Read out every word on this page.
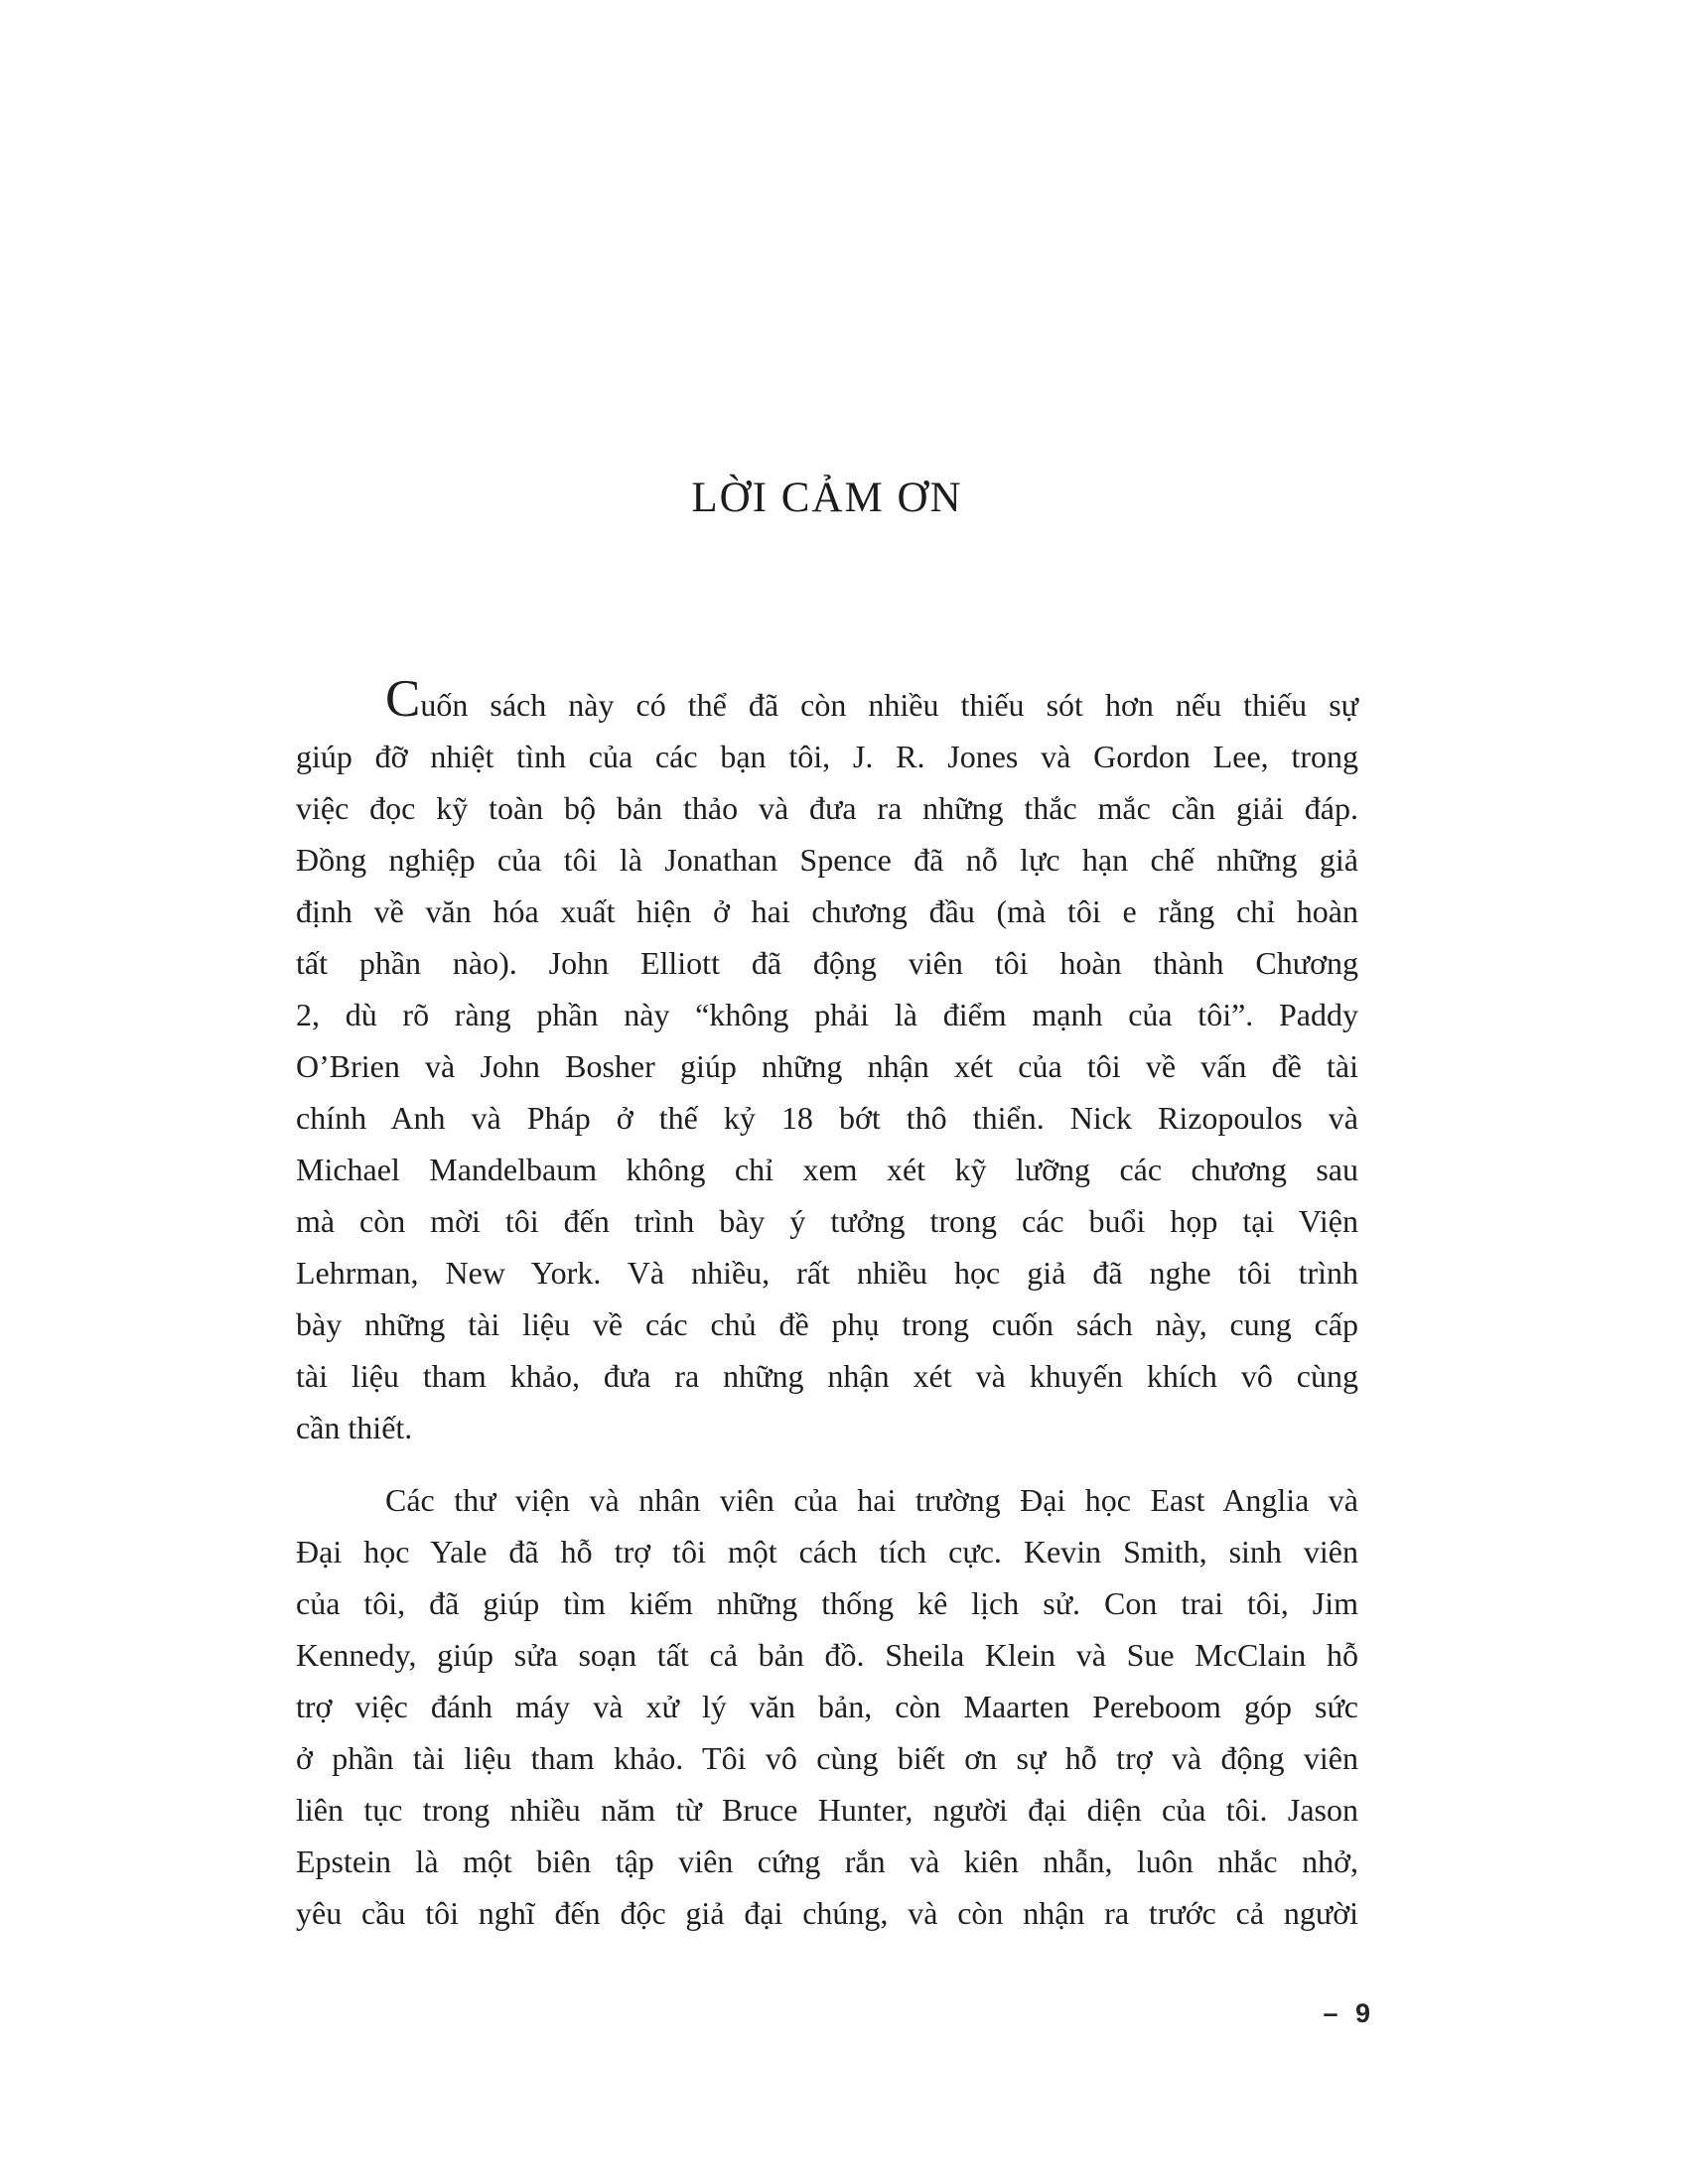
LỜI CẢM ƠN
Cuốn sách này có thể đã còn nhiều thiếu sót hơn nếu thiếu sự
giúp đỡ nhiệt tình của các bạn tôi, J. R. Jones và Gordon Lee, trong
việc đọc kỹ toàn bộ bản thảo và đưa ra những thắc mắc cần giải đáp.
Đồng nghiệp của tôi là Jonathan Spence đã nỗ lực hạn chế những giả
định về văn hóa xuất hiện ở hai chương đầu (mà tôi e rằng chỉ hoàn
tất phần nào). John Elliott đã động viên tôi hoàn thành Chương
2, dù rõ ràng phần này “không phải là điểm mạnh của tôi”. Paddy
O’Brien và John Bosher giúp những nhận xét của tôi về vấn đề tài
chính Anh và Pháp ở thế kỷ 18 bớt thô thiển. Nick Rizopoulos và
Michael Mandelbaum không chỉ xem xét kỹ lưỡng các chương sau
mà còn mời tôi đến trình bày ý tưởng trong các buổi họp tại Viện
Lehrman, New York. Và nhiều, rất nhiều học giả đã nghe tôi trình
bày những tài liệu về các chủ đề phụ trong cuốn sách này, cung cấp
tài liệu tham khảo, đưa ra những nhận xét và khuyến khích vô cùng
cần thiết.
Các thư viện và nhân viên của hai trường Đại học East Anglia và
Đại học Yale đã hỗ trợ tôi một cách tích cực. Kevin Smith, sinh viên
của tôi, đã giúp tìm kiếm những thống kê lịch sử. Con trai tôi, Jim
Kennedy, giúp sửa soạn tất cả bản đồ. Sheila Klein và Sue McClain hỗ
trợ việc đánh máy và xử lý văn bản, còn Maarten Pereboom góp sức
ở phần tài liệu tham khảo. Tôi vô cùng biết ơn sự hỗ trợ và động viên
liên tục trong nhiều năm từ Bruce Hunter, người đại diện của tôi. Jason
Epstein là một biên tập viên cứng rắn và kiên nhẫn, luôn nhắc nhở,
yêu cầu tôi nghĩ đến độc giả đại chúng, và còn nhận ra trước cả người
– 9
